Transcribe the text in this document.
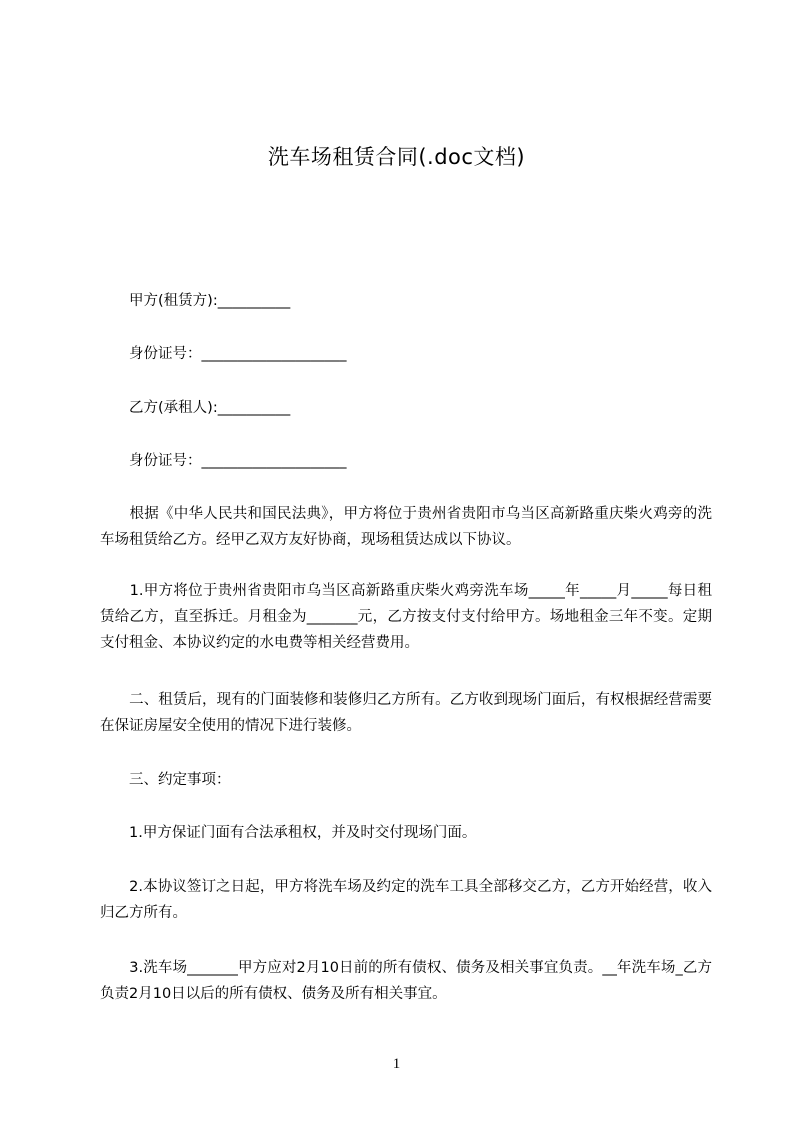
洗车场租赁合同(.doc文档)
　　甲方(租赁方):__________
　　身份证号：____________________
　　乙方(承租人):__________
　　身份证号：____________________
　　根据《中华人民共和国民法典》，甲方将位于贵州省贵阳市乌当区高新路重庆柴火鸡旁的洗车场租赁给乙方。经甲乙双方友好协商，现场租赁达成以下协议。
　　1.甲方将位于贵州省贵阳市乌当区高新路重庆柴火鸡旁洗车场_____年_____月_____每日租赁给乙方，直至拆迁。月租金为_______元，乙方按支付支付给甲方。场地租金三年不变。定期支付租金、本协议约定的水电费等相关经营费用。
　　二、租赁后，现有的门面装修和装修归乙方所有。乙方收到现场门面后，有权根据经营需要在保证房屋安全使用的情况下进行装修。
　　三、约定事项：
　　1.甲方保证门面有合法承租权，并及时交付现场门面。
　　2.本协议签订之日起，甲方将洗车场及约定的洗车工具全部移交乙方，乙方开始经营，收入归乙方所有。
　　3.洗车场_______甲方应对2月10日前的所有债权、债务及相关事宜负责。__年洗车场_乙方负责2月10日以后的所有债权、债务及所有相关事宜。
1
